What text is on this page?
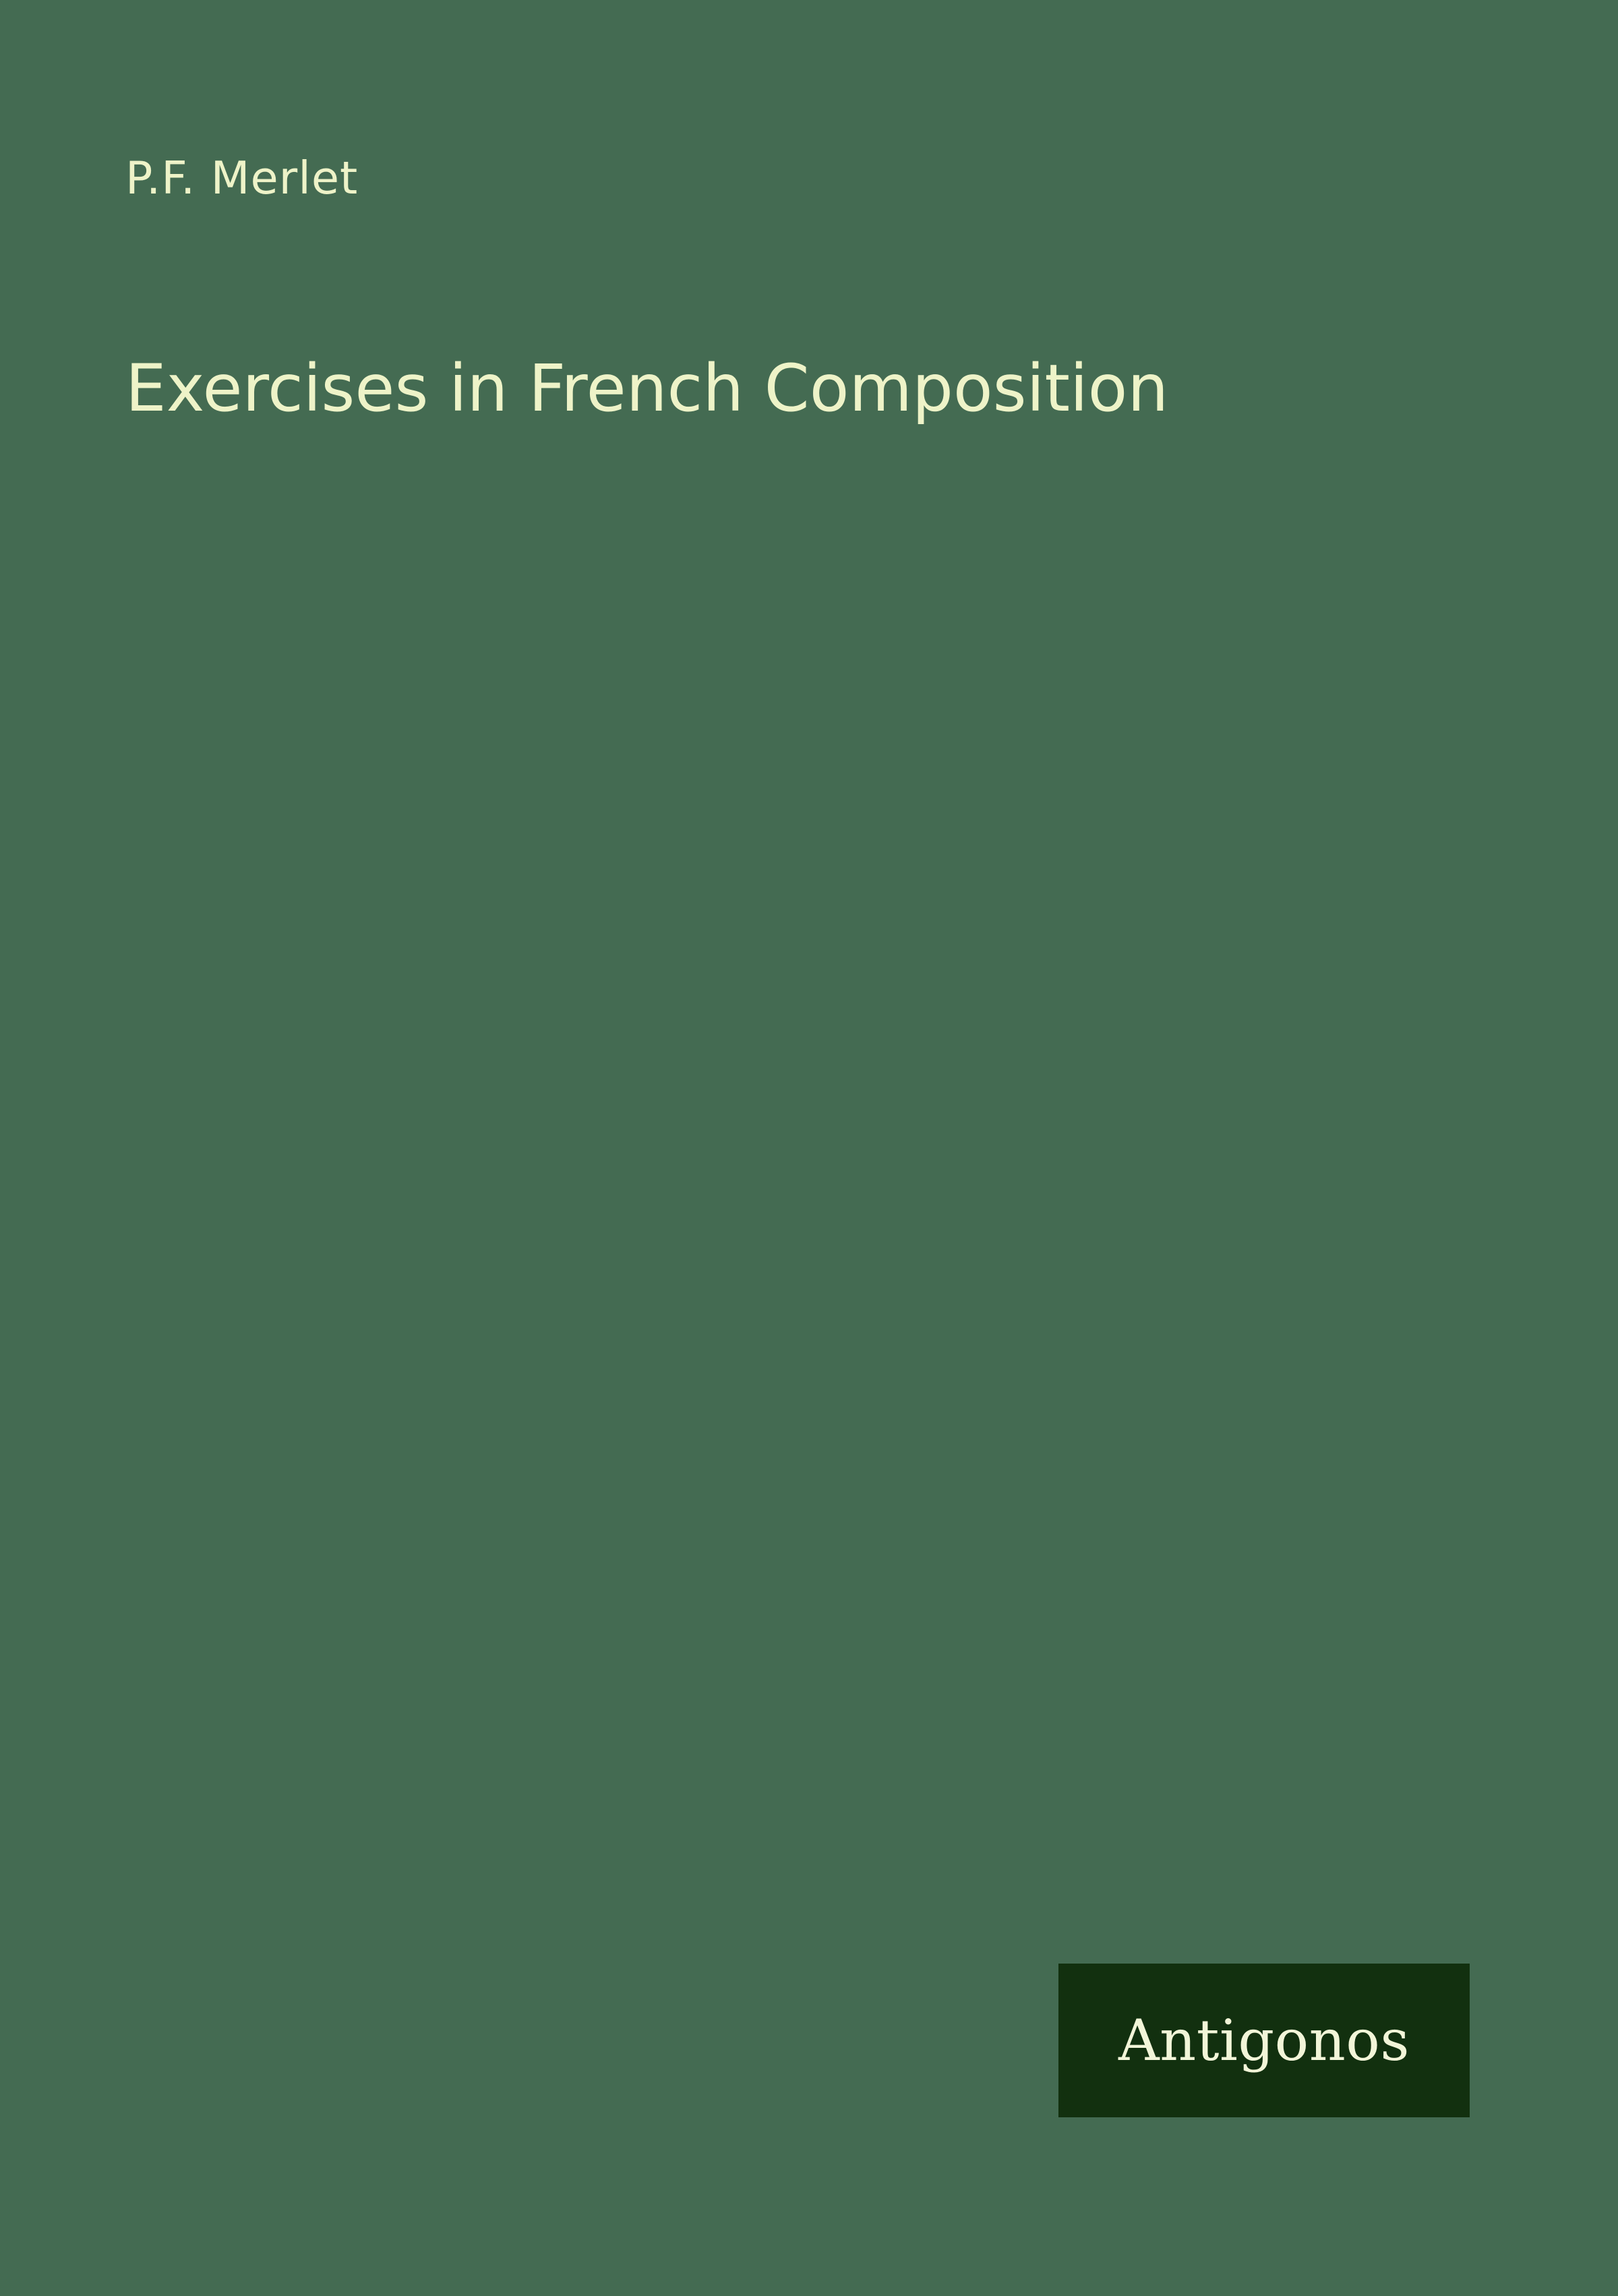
P.F. Merlet
Exercises in French Composition
Antigonos
